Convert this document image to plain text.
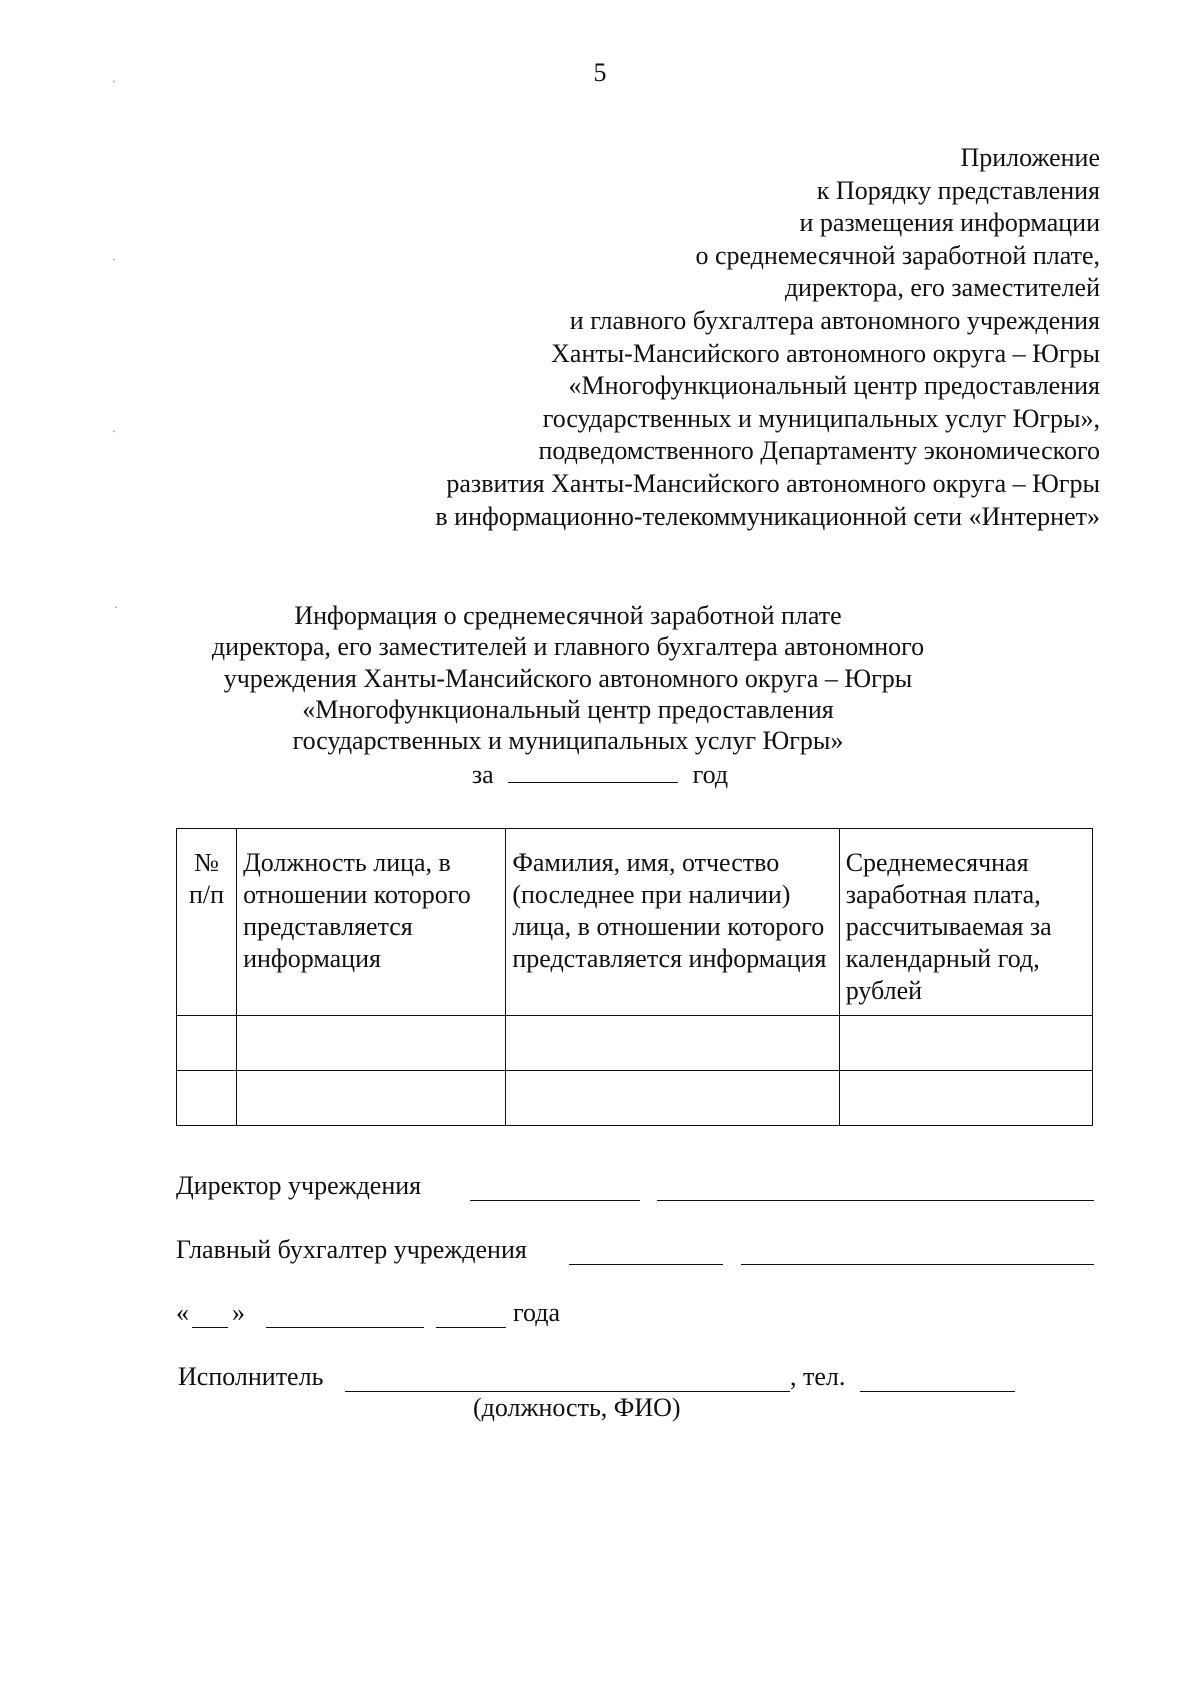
5
Приложение
к Порядку представления
и размещения информации
о среднемесячной заработной плате,
директора, его заместителей
и главного бухгалтера автономного учреждения
Ханты-Мансийского автономного округа – Югры
«Многофункциональный центр предоставления
государственных и муниципальных услуг Югры»,
подведомственного Департаменту экономического
развития Ханты-Мансийского автономного округа – Югры
в информационно-телекоммуникационной сети «Интернет»
Информация о среднемесячной заработной плате
директора, его заместителей и главного бухгалтера автономного
учреждения Ханты-Мансийского автономного округа – Югры
«Многофункциональный центр предоставления
государственных и муниципальных услуг Югры»
за	год
№ п/п	Должность лица, в отношении которого представляется информация	Фамилия, имя, отчество (последнее при наличии) лица, в отношении которого представляется информация	Среднемесячная заработная плата, рассчитываемая за календарный год, рублей

Директор учреждения
Главный бухгалтер учреждения
« »	года
Исполнитель	, тел.
(должность, ФИО)
`
`
`
·
